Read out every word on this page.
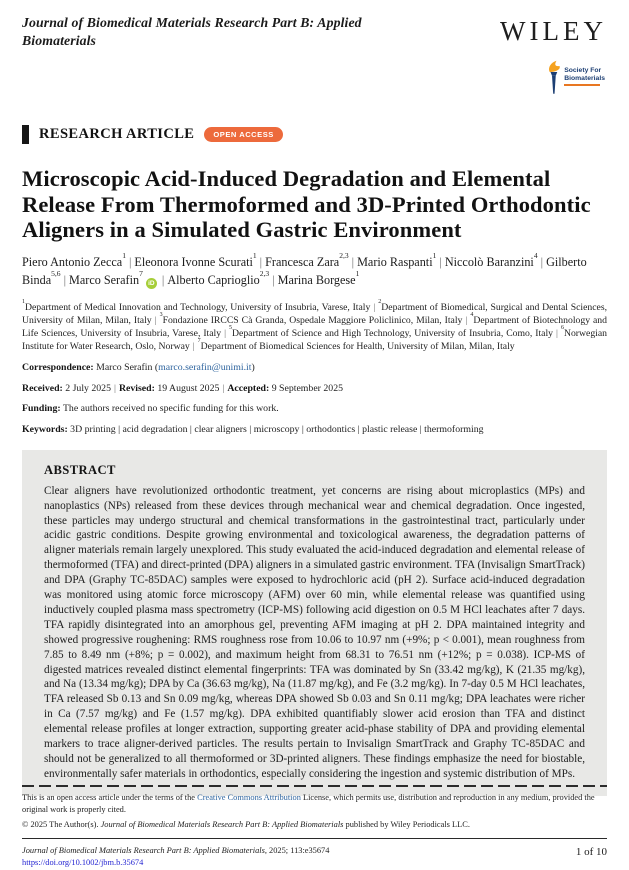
Journal of Biomedical Materials Research Part B: Applied Biomaterials	WILEY
Society For
Biomaterials
RESEARCH ARTICLE	OPEN ACCESS
Microscopic Acid-Induced Degradation and Elemental Release From Thermoformed and 3D-Printed Orthodontic Aligners in a Simulated Gastric Environment
Piero Antonio Zecca$^1$ | Eleonora Ivonne Scurati$^1$ | Francesca Zara$^{2,3}$ | Mario Raspanti$^1$ | Niccolò Baranzini$^4$ | Gilberto Binda$^{5,6}$ | Marco Serafin$^7$iD | Alberto Caprioglio$^{2,3}$ | Marina Borgese$^1$
$^1$Department of Medical Innovation and Technology, University of Insubria, Varese, Italy | $^2$Department of Biomedical, Surgical and Dental Sciences, University of Milan, Milan, Italy | $^3$Fondazione IRCCS Cà Granda, Ospedale Maggiore Policlinico, Milan, Italy | $^4$Department of Biotechnology and Life Sciences, University of Insubria, Varese, Italy | $^5$Department of Science and High Technology, University of Insubria, Como, Italy | $^6$Norwegian Institute for Water Research, Oslo, Norway | $^7$Department of Biomedical Sciences for Health, University of Milan, Milan, Italy
Correspondence: Marco Serafin (marco.serafin@unimi.it)
Received: 2 July 2025 | Revised: 19 August 2025 | Accepted: 9 September 2025
Funding: The authors received no specific funding for this work.
Keywords: 3D printing | acid degradation | clear aligners | microscopy | orthodontics | plastic release | thermoforming
ABSTRACT
Clear aligners have revolutionized orthodontic treatment, yet concerns are rising about microplastics (MPs) and nanoplastics (NPs) released from these devices through mechanical wear and chemical degradation. Once ingested, these particles may undergo structural and chemical transformations in the gastrointestinal tract, particularly under acidic gastric conditions. Despite growing environmental and toxicological awareness, the degradation patterns of aligner materials remain largely unexplored. This study evaluated the acid-induced degradation and elemental release of thermoformed (TFA) and direct-printed (DPA) aligners in a simulated gastric environment. TFA (Invisalign SmartTrack) and DPA (Graphy TC-85DAC) samples were exposed to hydrochloric acid (pH 2). Surface acid-induced degradation was monitored using atomic force microscopy (AFM) over 60 min, while elemental release was quantified using inductively coupled plasma mass spectrometry (ICP-MS) following acid digestion on 0.5 M HCl leachates after 7 days. TFA rapidly disintegrated into an amorphous gel, preventing AFM imaging at pH 2. DPA maintained integrity and showed progressive roughening: RMS roughness rose from 10.06 to 10.97 nm (+9%; p < 0.001), mean roughness from 7.85 to 8.49 nm (+8%; p = 0.002), and maximum height from 68.31 to 76.51 nm (+12%; p = 0.038). ICP-MS of digested matrices revealed distinct elemental fingerprints: TFA was dominated by Sn (33.42 mg/kg), K (21.35 mg/kg), and Na (13.34 mg/kg); DPA by Ca (36.63 mg/kg), Na (11.87 mg/kg), and Fe (3.2 mg/kg). In 7-day 0.5 M HCl leachates, TFA released Sb 0.13 and Sn 0.09 mg/kg, whereas DPA showed Sb 0.03 and Sn 0.11 mg/kg; DPA leachates were richer in Ca (7.57 mg/kg) and Fe (1.57 mg/kg). DPA exhibited quantifiably slower acid erosion than TFA and distinct elemental release profiles at longer extraction, supporting greater acid-phase stability of DPA and providing elemental markers to trace aligner-derived particles. The results pertain to Invisalign SmartTrack and Graphy TC-85DAC and should not be generalized to all thermoformed or 3D-printed aligners. These findings emphasize the need for biostable, environmentally safer materials in orthodontics, especially considering the ingestion and systemic distribution of MPs.
This is an open access article under the terms of the Creative Commons Attribution License, which permits use, distribution and reproduction in any medium, provided the original work is properly cited.
© 2025 The Author(s). Journal of Biomedical Materials Research Part B: Applied Biomaterials published by Wiley Periodicals LLC.
Journal of Biomedical Materials Research Part B: Applied Biomaterials, 2025; 113:e35674
https://doi.org/10.1002/jbm.b.35674
1 of 10
